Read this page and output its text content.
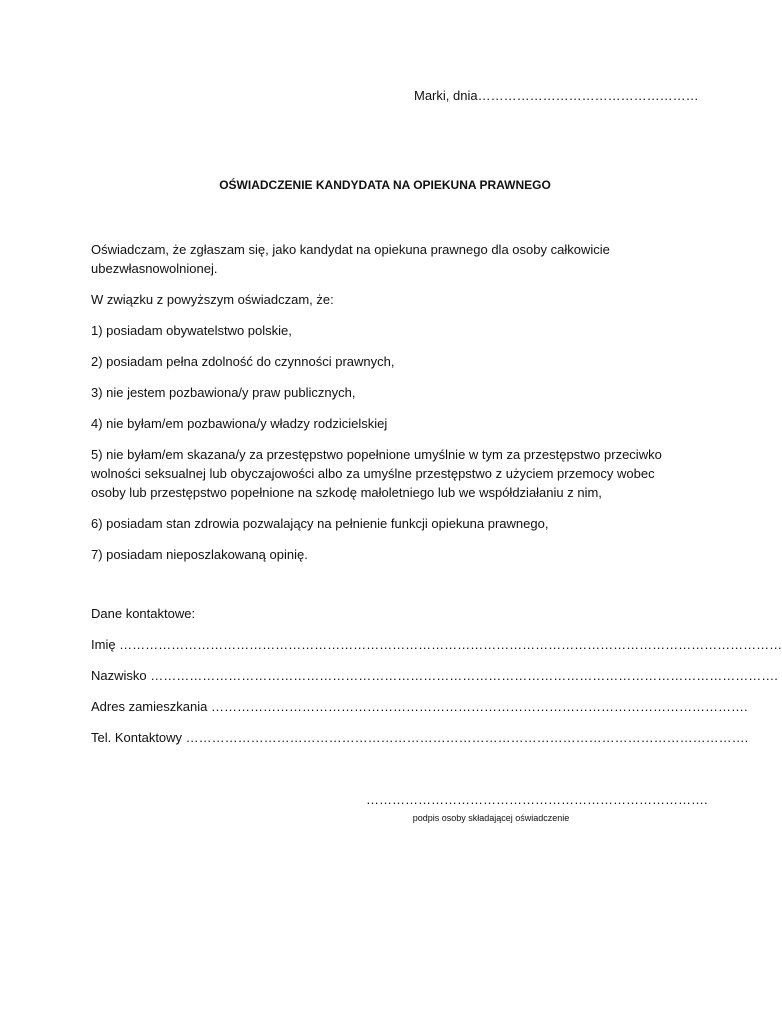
Marki, dnia……………………………………………
OŚWIADCZENIE KANDYDATA NA OPIEKUNA PRAWNEGO

Oświadczam, że zgłaszam się, jako kandydat na opiekuna prawnego dla osoby całkowicie ubezwłasnowolnionej.

W związku z powyższym oświadczam, że:

1) posiadam obywatelstwo polskie,

2) posiadam pełna zdolność do czynności prawnych,

3) nie jestem pozbawiona/y praw publicznych,

4) nie byłam/em pozbawiona/y władzy rodzicielskiej

5) nie byłam/em skazana/y za przestępstwo popełnione umyślnie w tym za przestępstwo przeciwko wolności seksualnej lub obyczajowości albo za umyślne przestępstwo z użyciem przemocy wobec osoby lub przestępstwo popełnione na szkodę małoletniego lub we współdziałaniu z nim,

6) posiadam stan zdrowia pozwalający na pełnienie funkcji opiekuna prawnego,

7) posiadam nieposzlakowaną opinię.

Dane kontaktowe:
Imię ………………………………………………………………………………………………………………………………………
Nazwisko ……………………………………………………………………………………………………………………………….
Adres zamieszkania …………………………………………………………………………………………………………….
Tel. Kontaktowy ………………………………………………………………………………………………………………….
…………………………………………………………………….
podpis osoby składającej oświadczenie
